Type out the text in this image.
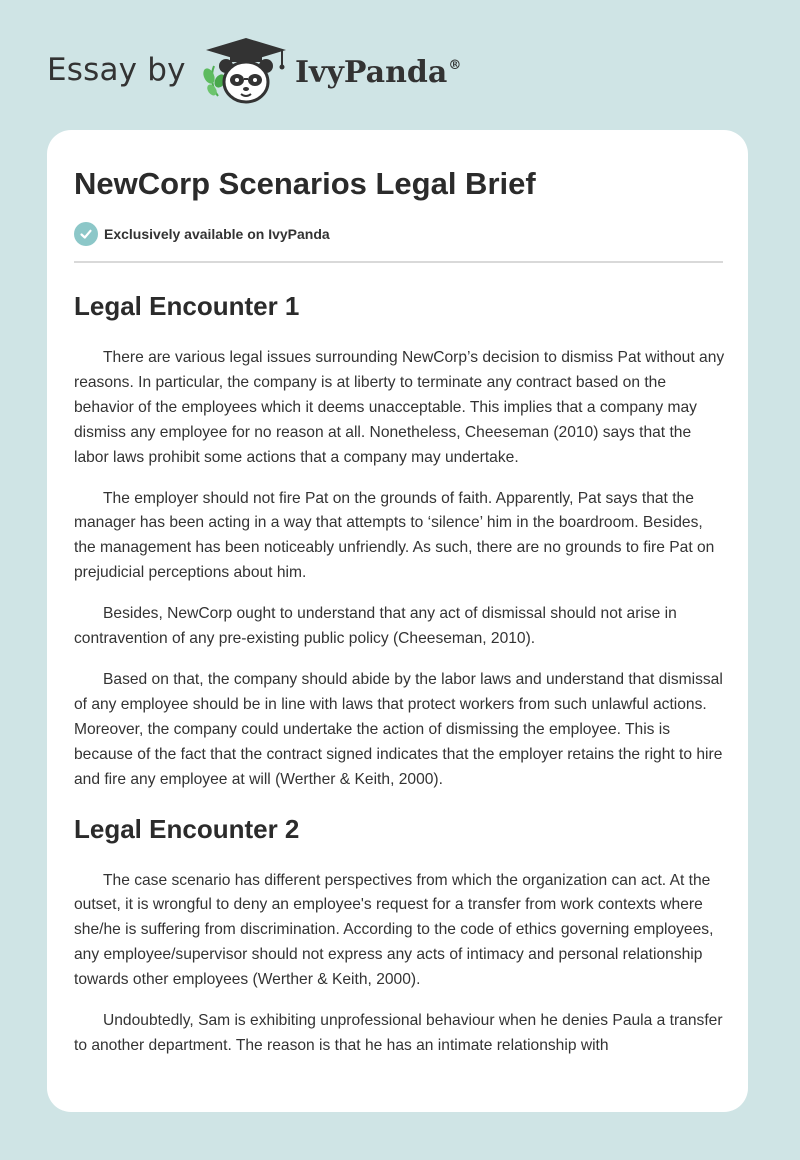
Essay by	IvyPanda®
NewCorp Scenarios Legal Brief
Exclusively available on IvyPanda
Legal Encounter 1

There are various legal issues surrounding NewCorp’s decision to dismiss Pat without any reasons. In particular, the company is at liberty to terminate any contract based on the behavior of the employees which it deems unacceptable. This implies that a company may dismiss any employee for no reason at all. Nonetheless, Cheeseman (2010) says that the labor laws prohibit some actions that a company may undertake.

The employer should not fire Pat on the grounds of faith. Apparently, Pat says that the manager has been acting in a way that attempts to ‘silence’ him in the boardroom. Besides, the management has been noticeably unfriendly. As such, there are no grounds to fire Pat on prejudicial perceptions about him.

Besides, NewCorp ought to understand that any act of dismissal should not arise in contravention of any pre-existing public policy (Cheeseman, 2010).

Based on that, the company should abide by the labor laws and understand that dismissal of any employee should be in line with laws that protect workers from such unlawful actions. Moreover, the company could undertake the action of dismissing the employee. This is because of the fact that the contract signed indicates that the employer retains the right to hire and fire any employee at will (Werther & Keith, 2000).

Legal Encounter 2

The case scenario has different perspectives from which the organization can act. At the outset, it is wrongful to deny an employee's request for a transfer from work contexts where she/he is suffering from discrimination. According to the code of ethics governing employees, any employee/supervisor should not express any acts of intimacy and personal relationship towards other employees (Werther & Keith, 2000).

Undoubtedly, Sam is exhibiting unprofessional behaviour when he denies Paula a transfer to another department. The reason is that he has an intimate relationship with
